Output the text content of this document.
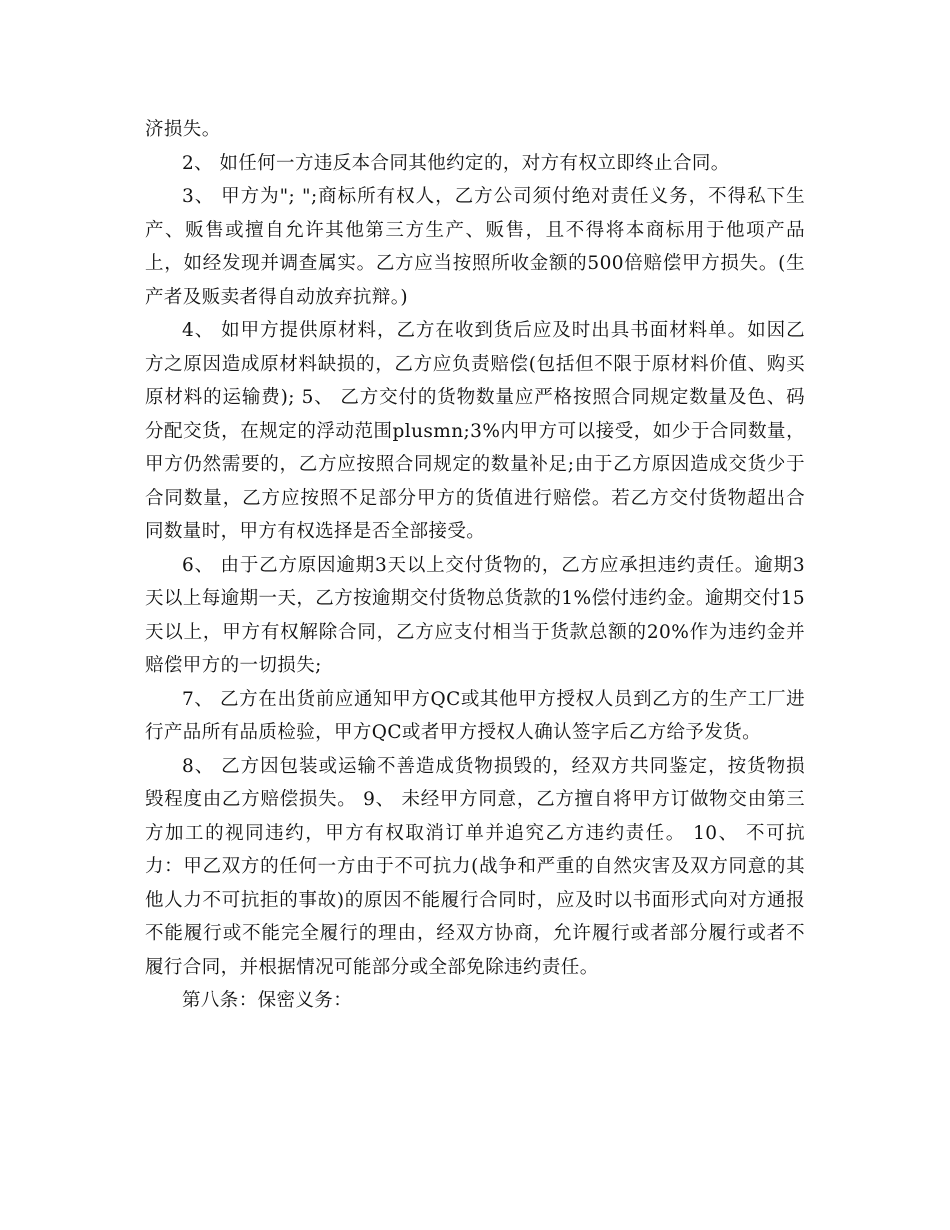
济损失。

2、 如任何一方违反本合同其他约定的，对方有权立即终止合同。

3、 甲方为"; ";商标所有权人，乙方公司须付绝对责任义务，不得私下生产、贩售或擅自允许其他第三方生产、贩售，且不得将本商标用于他项产品上，如经发现并调查属实。乙方应当按照所收金额的500倍赔偿甲方损失。(生产者及贩卖者得自动放弃抗辩。)

4、 如甲方提供原材料，乙方在收到货后应及时出具书面材料单。如因乙方之原因造成原材料缺损的，乙方应负责赔偿(包括但不限于原材料价值、购买原材料的运输费); 5、 乙方交付的货物数量应严格按照合同规定数量及色、码分配交货，在规定的浮动范围plusmn;3%内甲方可以接受，如少于合同数量，甲方仍然需要的，乙方应按照合同规定的数量补足;由于乙方原因造成交货少于合同数量，乙方应按照不足部分甲方的货值进行赔偿。若乙方交付货物超出合同数量时，甲方有权选择是否全部接受。

6、 由于乙方原因逾期3天以上交付货物的，乙方应承担违约责任。逾期3天以上每逾期一天，乙方按逾期交付货物总货款的1%偿付违约金。逾期交付15天以上，甲方有权解除合同，乙方应支付相当于货款总额的20%作为违约金并赔偿甲方的一切损失;

7、 乙方在出货前应通知甲方QC或其他甲方授权人员到乙方的生产工厂进行产品所有品质检验，甲方QC或者甲方授权人确认签字后乙方给予发货。

8、 乙方因包装或运输不善造成货物损毁的，经双方共同鉴定，按货物损毁程度由乙方赔偿损失。 9、 未经甲方同意，乙方擅自将甲方订做物交由第三方加工的视同违约，甲方有权取消订单并追究乙方违约责任。 10、 不可抗力：甲乙双方的任何一方由于不可抗力(战争和严重的自然灾害及双方同意的其他人力不可抗拒的事故)的原因不能履行合同时，应及时以书面形式向对方通报不能履行或不能完全履行的理由，经双方协商，允许履行或者部分履行或者不履行合同，并根据情况可能部分或全部免除违约责任。

第八条：保密义务：
